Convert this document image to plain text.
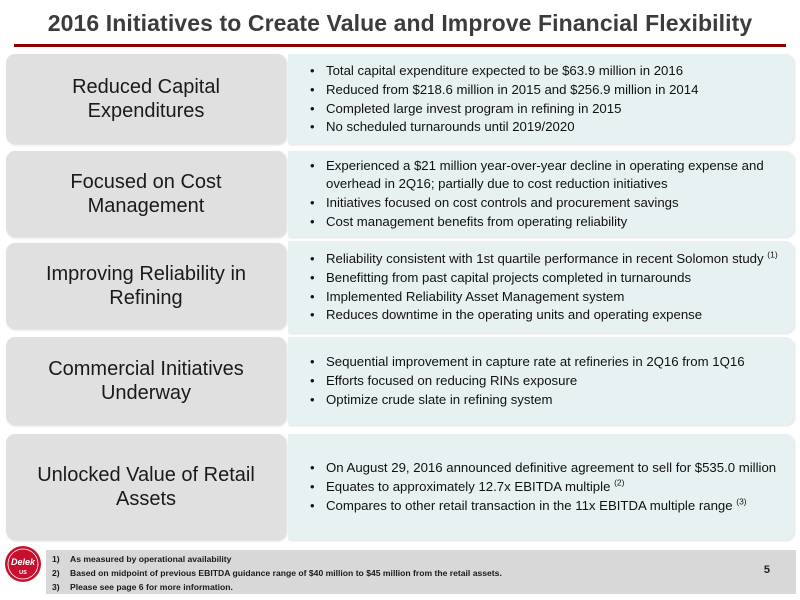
2016 Initiatives to Create Value and Improve Financial Flexibility
Reduced Capital Expenditures
• Total capital expenditure expected to be $63.9 million in 2016
• Reduced from $218.6 million in 2015 and $256.9 million in 2014
• Completed large invest program in refining in 2015
• No scheduled turnarounds until 2019/2020
Focused on Cost Management
• Experienced a $21 million year-over-year decline in operating expense and overhead in 2Q16; partially due to cost reduction initiatives
• Initiatives focused on cost controls and procurement savings
• Cost management benefits from operating reliability
Improving Reliability in Refining
• Reliability consistent with 1st quartile performance in recent Solomon study $^{(1)}$
• Benefitting from past capital projects completed in turnarounds
• Implemented Reliability Asset Management system
• Reduces downtime in the operating units and operating expense
Commercial Initiatives Underway
• Sequential improvement in capture rate at refineries in 2Q16 from 1Q16
• Efforts focused on reducing RINs exposure
• Optimize crude slate in refining system
Unlocked Value of Retail Assets
• On August 29, 2016 announced definitive agreement to sell for $535.0 million
• Equates to approximately 12.7x EBITDA multiple $^{(2)}$
• Compares to other retail transaction in the 11x EBITDA multiple range $^{(3)}$
Delek
US
1) As measured by operational availability
2) Based on midpoint of previous EBITDA guidance range of $40 million to $45 million from the retail assets.
3) Please see page 6 for more information.
5
